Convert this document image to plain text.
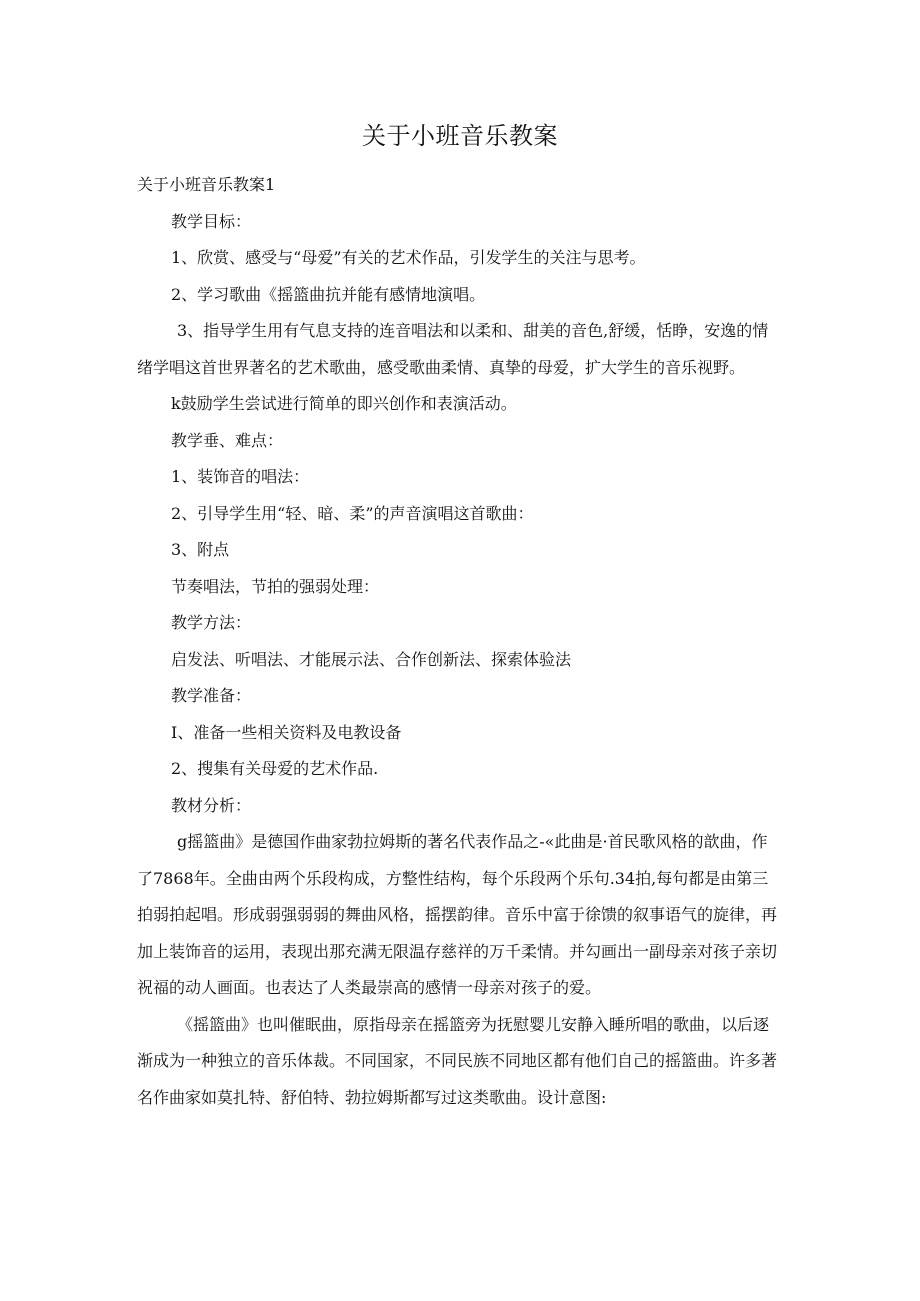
关于小班音乐教案

关于小班音乐教案1

教学目标：

1、欣赏、感受与“母爱”有关的艺术作品，引发学生的关注与思考。

2、学习歌曲《摇篮曲抗并能有感情地演唱。

3、指导学生用有气息支持的连音唱法和以柔和、甜美的音色,舒缓，恬睁，安逸的情绪学唱这首世界著名的艺术歌曲，感受歌曲柔情、真挚的母爱，扩大学生的音乐视野。

k鼓励学生尝试进行简单的即兴创作和表演活动。

教学垂、难点：

1、装饰音的唱法：

2、引导学生用“轻、暗、柔”的声音演唱这首歌曲：

3、附点

节奏唱法，节拍的强弱处理：

教学方法：

启发法、听唱法、才能展示法、合作创新法、探索体验法

教学准备：

I、准备一些相关资料及电教设备

2、搜集有关母爱的艺术作品.

教材分析：

g摇篮曲》是德国作曲家勃拉姆斯的著名代表作品之-«此曲是·首民歌风格的歆曲，作了7868年。全曲由两个乐段构成，方整性结构，每个乐段两个乐句.34拍,每句都是由第三拍弱拍起唱。形成弱强弱弱的舞曲风格，摇摆韵律。音乐中富于徐馈的叙事语气的旋律，再加上装饰音的运用，表现出那充满无限温存慈祥的万千柔情。并勾画出一副母亲对孩子亲切祝福的动人画面。也表达了人类最崇高的感情一母亲对孩子的爱。

《摇篮曲》也叫催眠曲，原指母亲在摇篮旁为抚慰婴儿安静入睡所唱的歌曲，以后逐渐成为一种独立的音乐体裁。不同国家，不同民族不同地区都有他们自己的摇篮曲。许多著名作曲家如莫扎特、舒伯特、勃拉姆斯都写过这类歌曲。设计意图:
